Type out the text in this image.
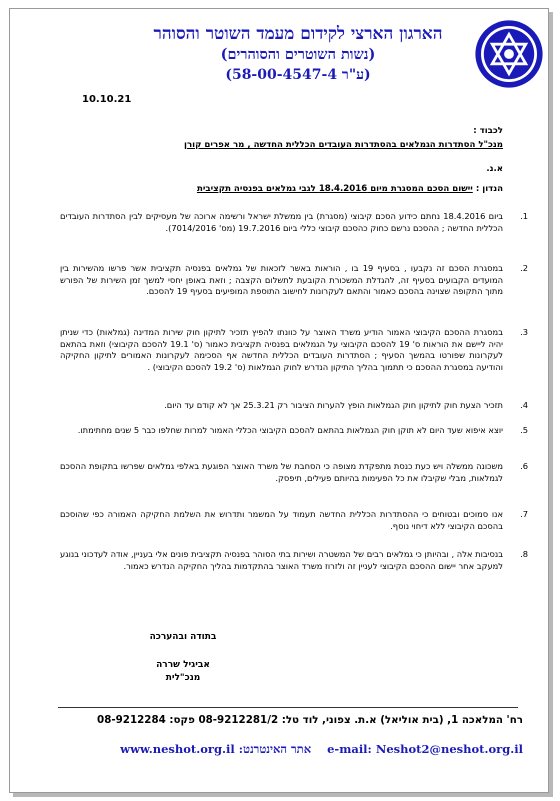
הארגון הארצי לקידום מעמד השוטר והסוהר
(נשות השוטרים והסוהרים)
(ע"ר 58-00-4547-4)
10.10.21
לכבוד :
מנכ"ל הסתדרות הגמלאים בהסתדרות העובדים הכללית החדשה , מר אפרים קורן
א.נ.
הנדון : יישום הסכם המסגרת מיום 18.4.2016 לגבי גמלאים בפנסיה תקציבית
1.
ביום 18.4.2016 נחתם כידוע הסכם קיבוצי (מסגרת) בין ממשלת ישראל ורשימה ארוכה של מעסיקים לבין הסתדרות העובדים הכללית החדשה ; ההסכם נרשם כחוק כהסכם קיבוצי כללי ביום 19.7.2016 (מס' 7014/2016).
2.
במסגרת הסכם זה נקבעו , בסעיף 19 בו , הוראות באשר לזכאות של גמלאים בפנסיה תקציבית אשר פרשו מהשירות בין המועדים הקבועים בסעיף זה, להגדלת המשכורת הקובעת לתשלום הקצבה ; וזאת באופן יחסי למשך זמן השירות של הפורש מתוך התקופה שצוינה בהסכם כאמור והתאם לעקרונות לחישוב התוספת המופיעים בסעיף 19 להסכם.
3.
במסגרת ההסכם הקיבוצי האמור הודיע משרד האוצר על כוונתו להפיץ תזכיר לתיקון חוק שירות המדינה (גמלאות) כדי שניתן יהיה ליישם את הוראות ס' 19 להסכם הקיבוצי על הגמלאים בפנסיה תקציבית כאמור (ס' 19.1 להסכם הקיבוצי) וזאת בהתאם לעקרונות שפורטו בהמשך הסעיף ; הסתדרות העובדים הכללית החדשה אף הסכימה לעקרונות האמורים לתיקון החקיקה והודיעה במסגרת ההסכם כי תתמוך בהליך התיקון הנדרש לחוק הגמלאות (ס' 19.2 להסכם הקיבוצי) .
4.
תזכיר הצעת חוק לתיקון חוק הגמלאות הופץ להערות הציבור רק 25.3.21 אך לא קודם עד היום.
5.
יוצא איפוא שעד היום לא תוקן חוק הגמלאות בהתאם להסכם הקיבוצי הכללי האמור למרות שחלפו כבר 5 שנים מחתימתו.
6.
משכונה ממשלה ויש כעת כנסת מתפקדת מצופה כי הסחבת של משרד האוצר הפוגעת באלפי גמלאים שפרשו בתקופת ההסכם לגמלאות, מבלי שקיבלו את כל הפעימות בהיותם פעילים, תיפסק.
7.
אנו סמוכים ובטוחים כי ההסתדרות הכללית החדשה תעמוד על המשמר ותדרוש את השלמת החקיקה האמורה כפי שהוסכם בהסכם הקיבוצי ללא דיחוי נוסף.
8.
בנסיבות אלה , ובהיותן כי גמלאים רבים של המשטרה ושירות בתי הסוהר בפנסיה תקציבית פונים אלי בעניין, אודה לעדכוני בנוגע למעקב אחר יישום ההסכם הקיבוצי לעניין זה ולזרוז משרד האוצר בהתקדמות בהליך החקיקה הנדרש כאמור.
בתודה ובהערכה
אביגיל שררה
מנכ"לית
רח' המלאכה 1, (בית אוליאל) א.ת. צפוני, לוד טל: 08-9212281/2 פקס: 08-9212284
e-mail: Neshot2@neshot.org.il    אתר האינטרנט: www.neshot.org.il
